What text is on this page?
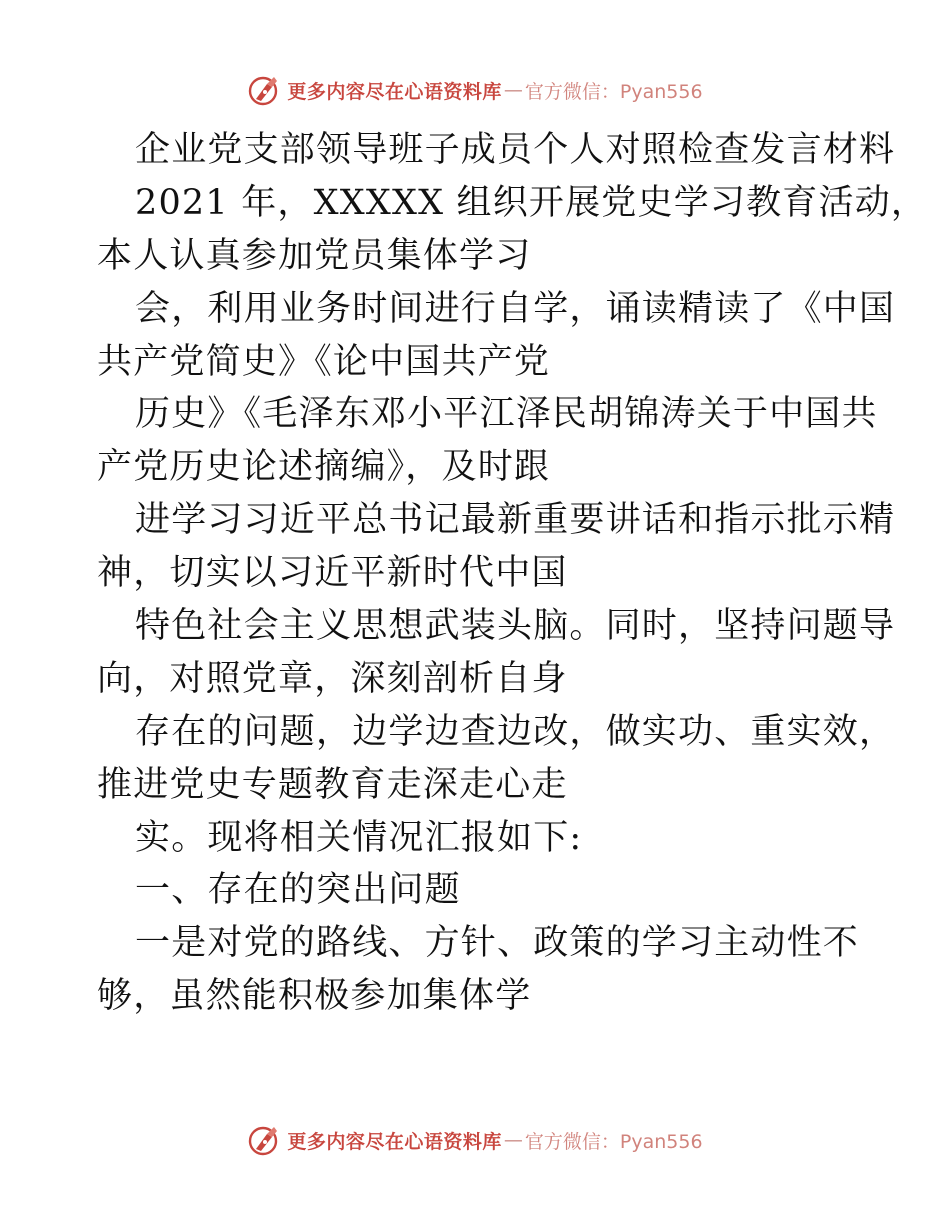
更多内容尽在心语资料库 — 官方微信：Pyan556
企业党支部领导班子成员个人对照检查发言材料
2021 年，XXXXX 组织开展党史学习教育活动，
本人认真参加党员集体学习
会，利用业务时间进行自学，诵读精读了《中国
共产党简史》《论中国共产党
历史》《毛泽东邓小平江泽民胡锦涛关于中国共
产党历史论述摘编》，及时跟
进学习习近平总书记最新重要讲话和指示批示精
神，切实以习近平新时代中国
特色社会主义思想武装头脑。同时，坚持问题导
向，对照党章，深刻剖析自身
存在的问题，边学边查边改，做实功、重实效，
推进党史专题教育走深走心走
实。现将相关情况汇报如下:
一、存在的突出问题
一是对党的路线、方针、政策的学习主动性不
够，虽然能积极参加集体学
更多内容尽在心语资料库 — 官方微信：Pyan556
